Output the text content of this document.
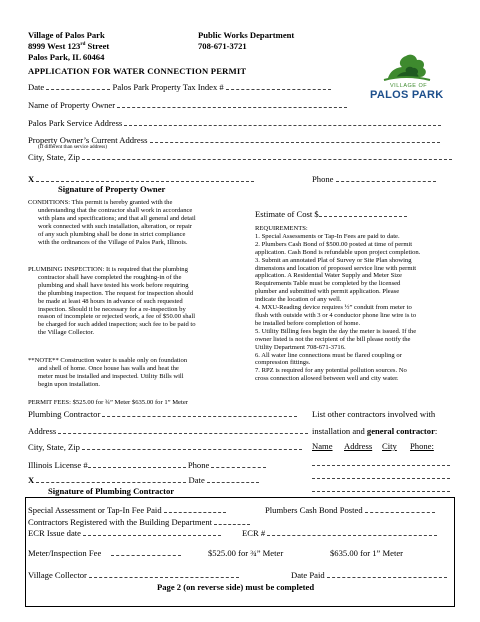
Village of Palos Park
8999 West 123rd Street
Palos Park, IL 60464
Public Works Department
708-671-3721
APPLICATION FOR WATER CONNECTION PERMIT
VILLAGE OF
PALOS PARK
Date	Palos Park Property Tax Index #
Name of Property Owner
Palos Park Service Address
Property Owner’s Current Address
(If different than service address)
City, State, Zip
X	Phone
Signature of Property Owner
CONDITIONS: This permit is hereby granted with the
understanding that the contractor shall work in accordance
with plans and specifications; and that all general and detail
work connected with such installation, alteration, or repair
of any such plumbing shall be done in strict compliance
with the ordinances of the Village of Palos Park, Illinois.
PLUMBING INSPECTION: It is required that the plumbing
contractor shall have completed the roughing-in of the
plumbing and shall have tested his work before requiring
the plumbing inspection. The request for inspection should
be made at least 48 hours in advance of such requested
inspection. Should it be necessary for a re-inspection by
reason of incomplete or rejected work, a fee of $50.00 shall
be charged for such added inspection; such fee to be paid to
the Village Collector.
**NOTE** Construction water is usable only on foundation
and shell of home. Once house has walls and heat the
meter must be installed and inspected. Utility Bills will
begin upon installation.
PERMIT FEES: $525.00 for ¾” Meter $635.00 for 1” Meter
Estimate of Cost $
REQUIREMENTS:
1. Special Assessments or Tap-In Fees are paid to date.
2. Plumbers Cash Bond of $500.00 posted at time of permit
application. Cash Bond is refundable upon project completion.
3. Submit an annotated Plat of Survey or Site Plan showing
dimensions and location of proposed service line with permit
application. A Residential Water Supply and Meter Size
Requirements Table must be completed by the licensed
plumber and submitted with permit application. Please
indicate the location of any well.
4. MXU-Reading device requires ½” conduit from meter to
flush with outside with 3 or 4 conductor phone line wire is to
be installed before completion of home.
5. Utility Billing fees begin the day the meter is issued. If the
owner listed is not the recipient of the bill please notify the
Utility Department 708-671-3716.
6. All water line connections must be flared coupling or
compression fittings.
7. RPZ is required for any potential pollution sources. No
cross connection allowed between well and city water.
Plumbing Contractor
Address
City, State, Zip
Illinois License #	Phone
X	Date
Signature of Plumbing Contractor
List other contractors involved with
installation and general contractor:
Name Address City Phone:
Special Assessment or Tap-In Fee Paid	Plumbers Cash Bond Posted
Contractors Registered with the Building Department
ECR Issue date	ECR #
Meter/Inspection Fee	$525.00 for ¾” Meter	$635.00 for 1” Meter
Village Collector	Date Paid
Page 2 (on reverse side) must be completed
